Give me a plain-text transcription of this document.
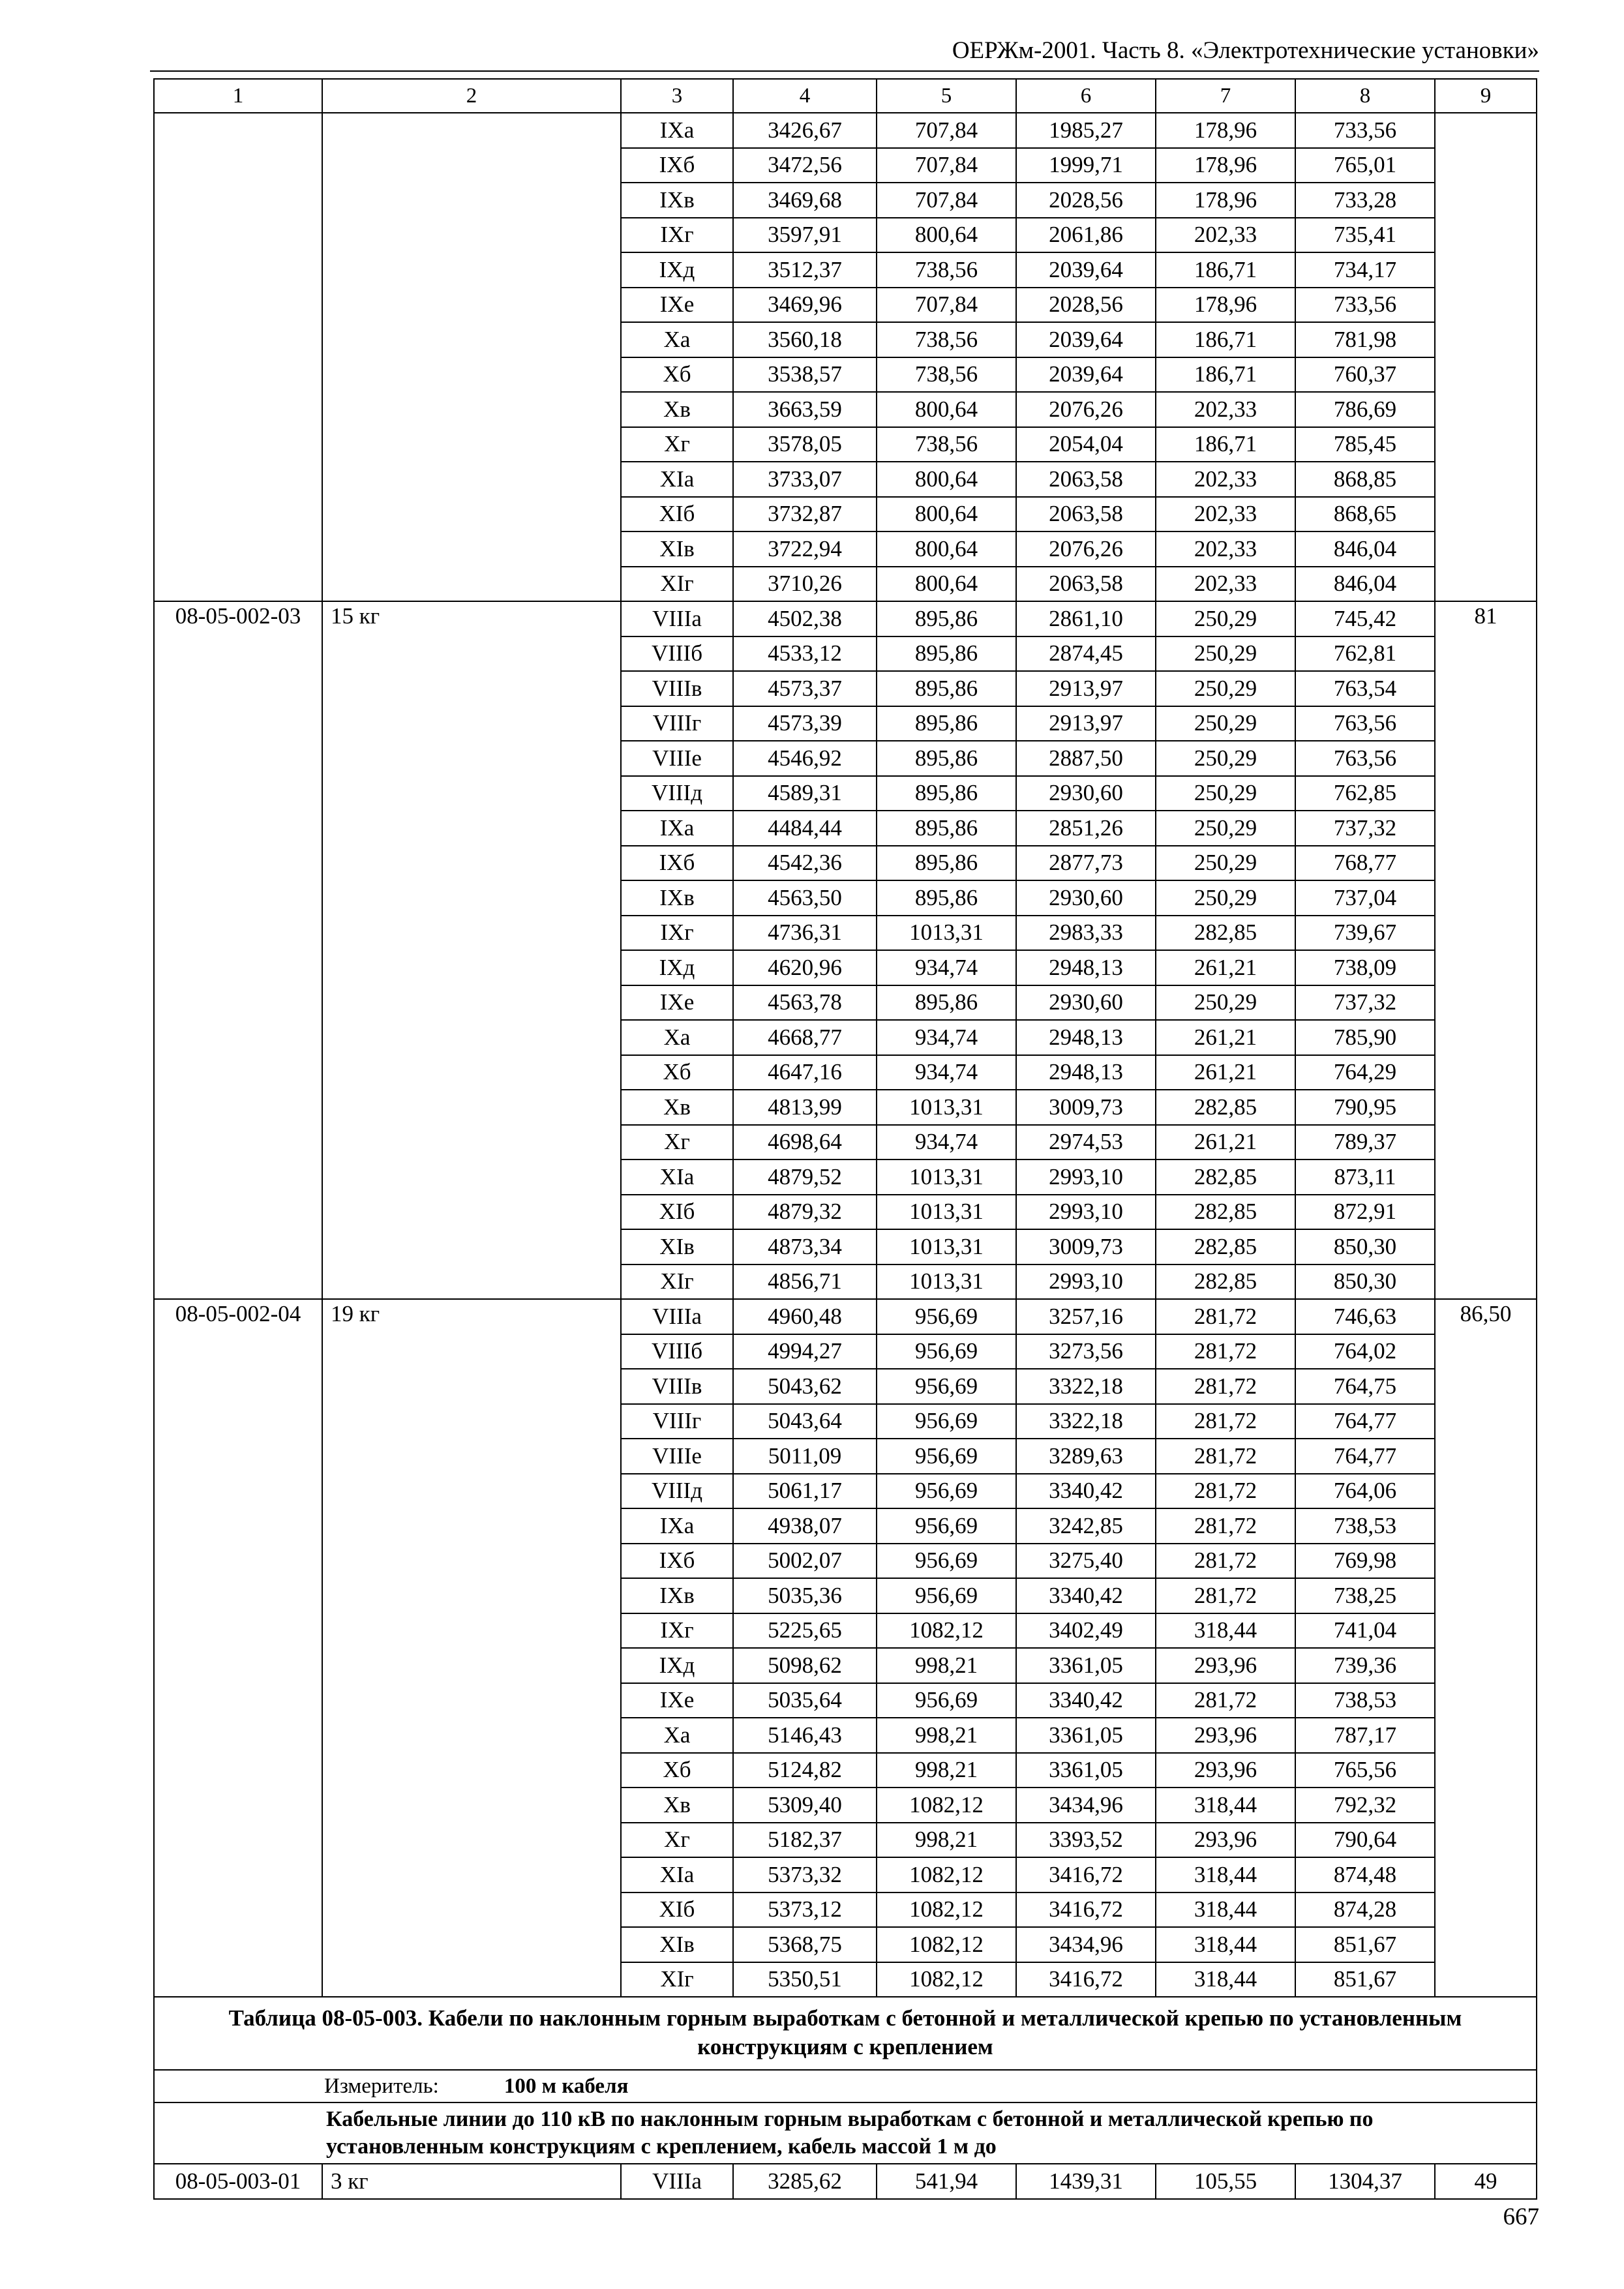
ОЕРЖм-2001. Часть 8. «Электротехнические установки»
1	2	3	4	5	6	7	8	9
		IXа	3426,67	707,84	1985,27	178,96	733,56	
		IXб	3472,56	707,84	1999,71	178,96	765,01	
		IXв	3469,68	707,84	2028,56	178,96	733,28	
		IXг	3597,91	800,64	2061,86	202,33	735,41	
		IXд	3512,37	738,56	2039,64	186,71	734,17	
		IXе	3469,96	707,84	2028,56	178,96	733,56	
		Xа	3560,18	738,56	2039,64	186,71	781,98	
		Xб	3538,57	738,56	2039,64	186,71	760,37	
		Xв	3663,59	800,64	2076,26	202,33	786,69	
		Xг	3578,05	738,56	2054,04	186,71	785,45	
		XIа	3733,07	800,64	2063,58	202,33	868,85	
		XIб	3732,87	800,64	2063,58	202,33	868,65	
		XIв	3722,94	800,64	2076,26	202,33	846,04	
		XIг	3710,26	800,64	2063,58	202,33	846,04	
08-05-002-03	15 кг	VIIIа	4502,38	895,86	2861,10	250,29	745,42	81
		VIIIб	4533,12	895,86	2874,45	250,29	762,81	
		VIIIв	4573,37	895,86	2913,97	250,29	763,54	
		VIIIг	4573,39	895,86	2913,97	250,29	763,56	
		VIIIе	4546,92	895,86	2887,50	250,29	763,56	
		VIIIд	4589,31	895,86	2930,60	250,29	762,85	
		IXа	4484,44	895,86	2851,26	250,29	737,32	
		IXб	4542,36	895,86	2877,73	250,29	768,77	
		IXв	4563,50	895,86	2930,60	250,29	737,04	
		IXг	4736,31	1013,31	2983,33	282,85	739,67	
		IXд	4620,96	934,74	2948,13	261,21	738,09	
		IXе	4563,78	895,86	2930,60	250,29	737,32	
		Xа	4668,77	934,74	2948,13	261,21	785,90	
		Xб	4647,16	934,74	2948,13	261,21	764,29	
		Xв	4813,99	1013,31	3009,73	282,85	790,95	
		Xг	4698,64	934,74	2974,53	261,21	789,37	
		XIа	4879,52	1013,31	2993,10	282,85	873,11	
		XIб	4879,32	1013,31	2993,10	282,85	872,91	
		XIв	4873,34	1013,31	3009,73	282,85	850,30	
		XIг	4856,71	1013,31	2993,10	282,85	850,30	
08-05-002-04	19 кг	VIIIа	4960,48	956,69	3257,16	281,72	746,63	86,50
		VIIIб	4994,27	956,69	3273,56	281,72	764,02	
		VIIIв	5043,62	956,69	3322,18	281,72	764,75	
		VIIIг	5043,64	956,69	3322,18	281,72	764,77	
		VIIIе	5011,09	956,69	3289,63	281,72	764,77	
		VIIIд	5061,17	956,69	3340,42	281,72	764,06	
		IXа	4938,07	956,69	3242,85	281,72	738,53	
		IXб	5002,07	956,69	3275,40	281,72	769,98	
		IXв	5035,36	956,69	3340,42	281,72	738,25	
		IXг	5225,65	1082,12	3402,49	318,44	741,04	
		IXд	5098,62	998,21	3361,05	293,96	739,36	
		IXе	5035,64	956,69	3340,42	281,72	738,53	
		Xа	5146,43	998,21	3361,05	293,96	787,17	
		Xб	5124,82	998,21	3361,05	293,96	765,56	
		Xв	5309,40	1082,12	3434,96	318,44	792,32	
		Xг	5182,37	998,21	3393,52	293,96	790,64	
		XIа	5373,32	1082,12	3416,72	318,44	874,48	
		XIб	5373,12	1082,12	3416,72	318,44	874,28	
		XIв	5368,75	1082,12	3434,96	318,44	851,67	
		XIг	5350,51	1082,12	3416,72	318,44	851,67	
Таблица 08-05-003. Кабели по наклонным горным выработкам с бетонной и металлической крепью по установленным конструкциям с креплением								
Измеритель: 100 м кабеля								
Кабельные линии до 110 кВ по наклонным горным выработкам с бетонной и металлической крепью по установленным конструкциям с креплением, кабель массой 1 м до								
08-05-003-01	3 кг	VIIIа	3285,62	541,94	1439,31	105,55	1304,37	49
667
